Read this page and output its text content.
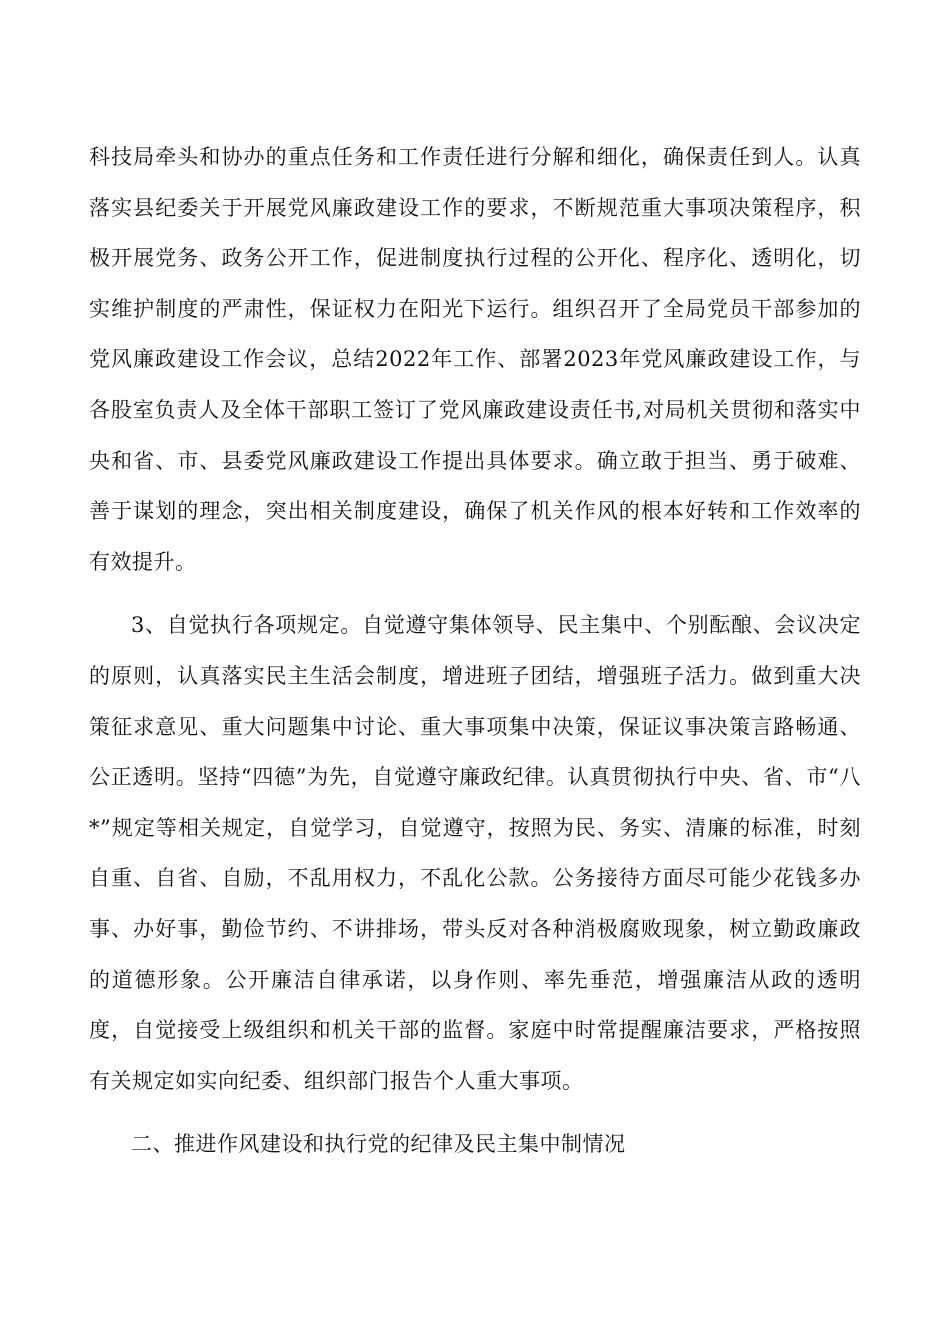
科技局牵头和协办的重点任务和工作责任进行分解和细化，确保责任到人。认真落实县纪委关于开展党风廉政建设工作的要求，不断规范重大事项决策程序，积极开展党务、政务公开工作，促进制度执行过程的公开化、程序化、透明化，切实维护制度的严肃性，保证权力在阳光下运行。组织召开了全局党员干部参加的党风廉政建设工作会议，总结2022年工作、部署2023年党风廉政建设工作，与各股室负责人及全体干部职工签订了党风廉政建设责任书,对局机关贯彻和落实中央和省、市、县委党风廉政建设工作提出具体要求。确立敢于担当、勇于破难、善于谋划的理念，突出相关制度建设，确保了机关作风的根本好转和工作效率的有效提升。

3、自觉执行各项规定。自觉遵守集体领导、民主集中、个别酝酿、会议决定的原则，认真落实民主生活会制度，增进班子团结，增强班子活力。做到重大决策征求意见、重大问题集中讨论、重大事项集中决策，保证议事决策言路畅通、公正透明。坚持“四德”为先，自觉遵守廉政纪律。认真贯彻执行中央、省、市“八*”规定等相关规定，自觉学习，自觉遵守，按照为民、务实、清廉的标准，时刻自重、自省、自励，不乱用权力，不乱化公款。公务接待方面尽可能少花钱多办事、办好事，勤俭节约、不讲排场，带头反对各种消极腐败现象，树立勤政廉政的道德形象。公开廉洁自律承诺，以身作则、率先垂范，增强廉洁从政的透明度，自觉接受上级组织和机关干部的监督。家庭中时常提醒廉洁要求，严格按照有关规定如实向纪委、组织部门报告个人重大事项。

二、推进作风建设和执行党的纪律及民主集中制情况
